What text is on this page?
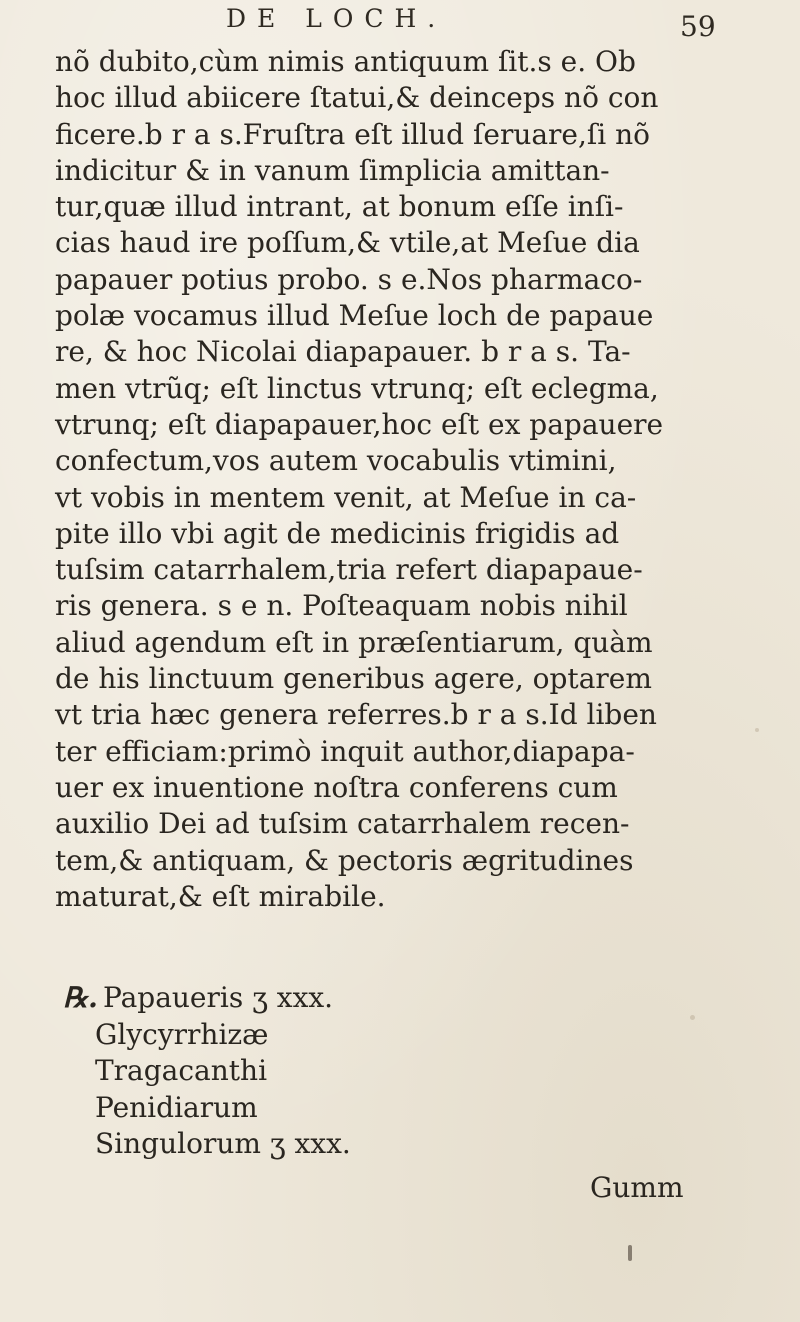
DE LOCH.	59
nõ dubito,cùm nimis antiquum ſit.s e. Ob
hoc illud abiicere ſtatui,& deinceps nõ con
ficere.b r a s.Fruſtra eſt illud ſeruare,ſi nõ
indicitur & in vanum ſimplicia amittan-
tur,quæ illud intrant, at bonum eſſe inſi-
cias haud ire poſſum,& vtile,at Meſue dia
papauer potius probo. s e.Nos pharmaco-
polæ vocamus illud Meſue loch de papaue
re, & hoc Nicolai diapapauer. b r a s. Ta-
men vtrũq; eſt linctus vtrunq; eſt eclegma,
vtrunq; eſt diapapauer,hoc eſt ex papauere
confectum,vos autem vocabulis vtimini,
vt vobis in mentem venit, at Meſue in ca-
pite illo vbi agit de medicinis frigidis ad
tuſsim catarrhalem,tria refert diapapaue-
ris genera. s e n. Poſteaquam nobis nihil
aliud agendum eſt in præſentiarum, quàm
de his linctuum generibus agere, optarem
vt tria hæc genera referres.b r a s.Id liben
ter efficiam:primò inquit author,diapapa-
uer ex inuentione noſtra conferens cum
auxilio Dei ad tuſsim catarrhalem recen-
tem,& antiquam, & pectoris ægritudines
maturat,& eſt mirabile.
℞. Papaueris ʒ xxx.
Glycyrrhizæ
Tragacanthi
Penidiarum
Singulorum ʒ xxx.
Gumm
